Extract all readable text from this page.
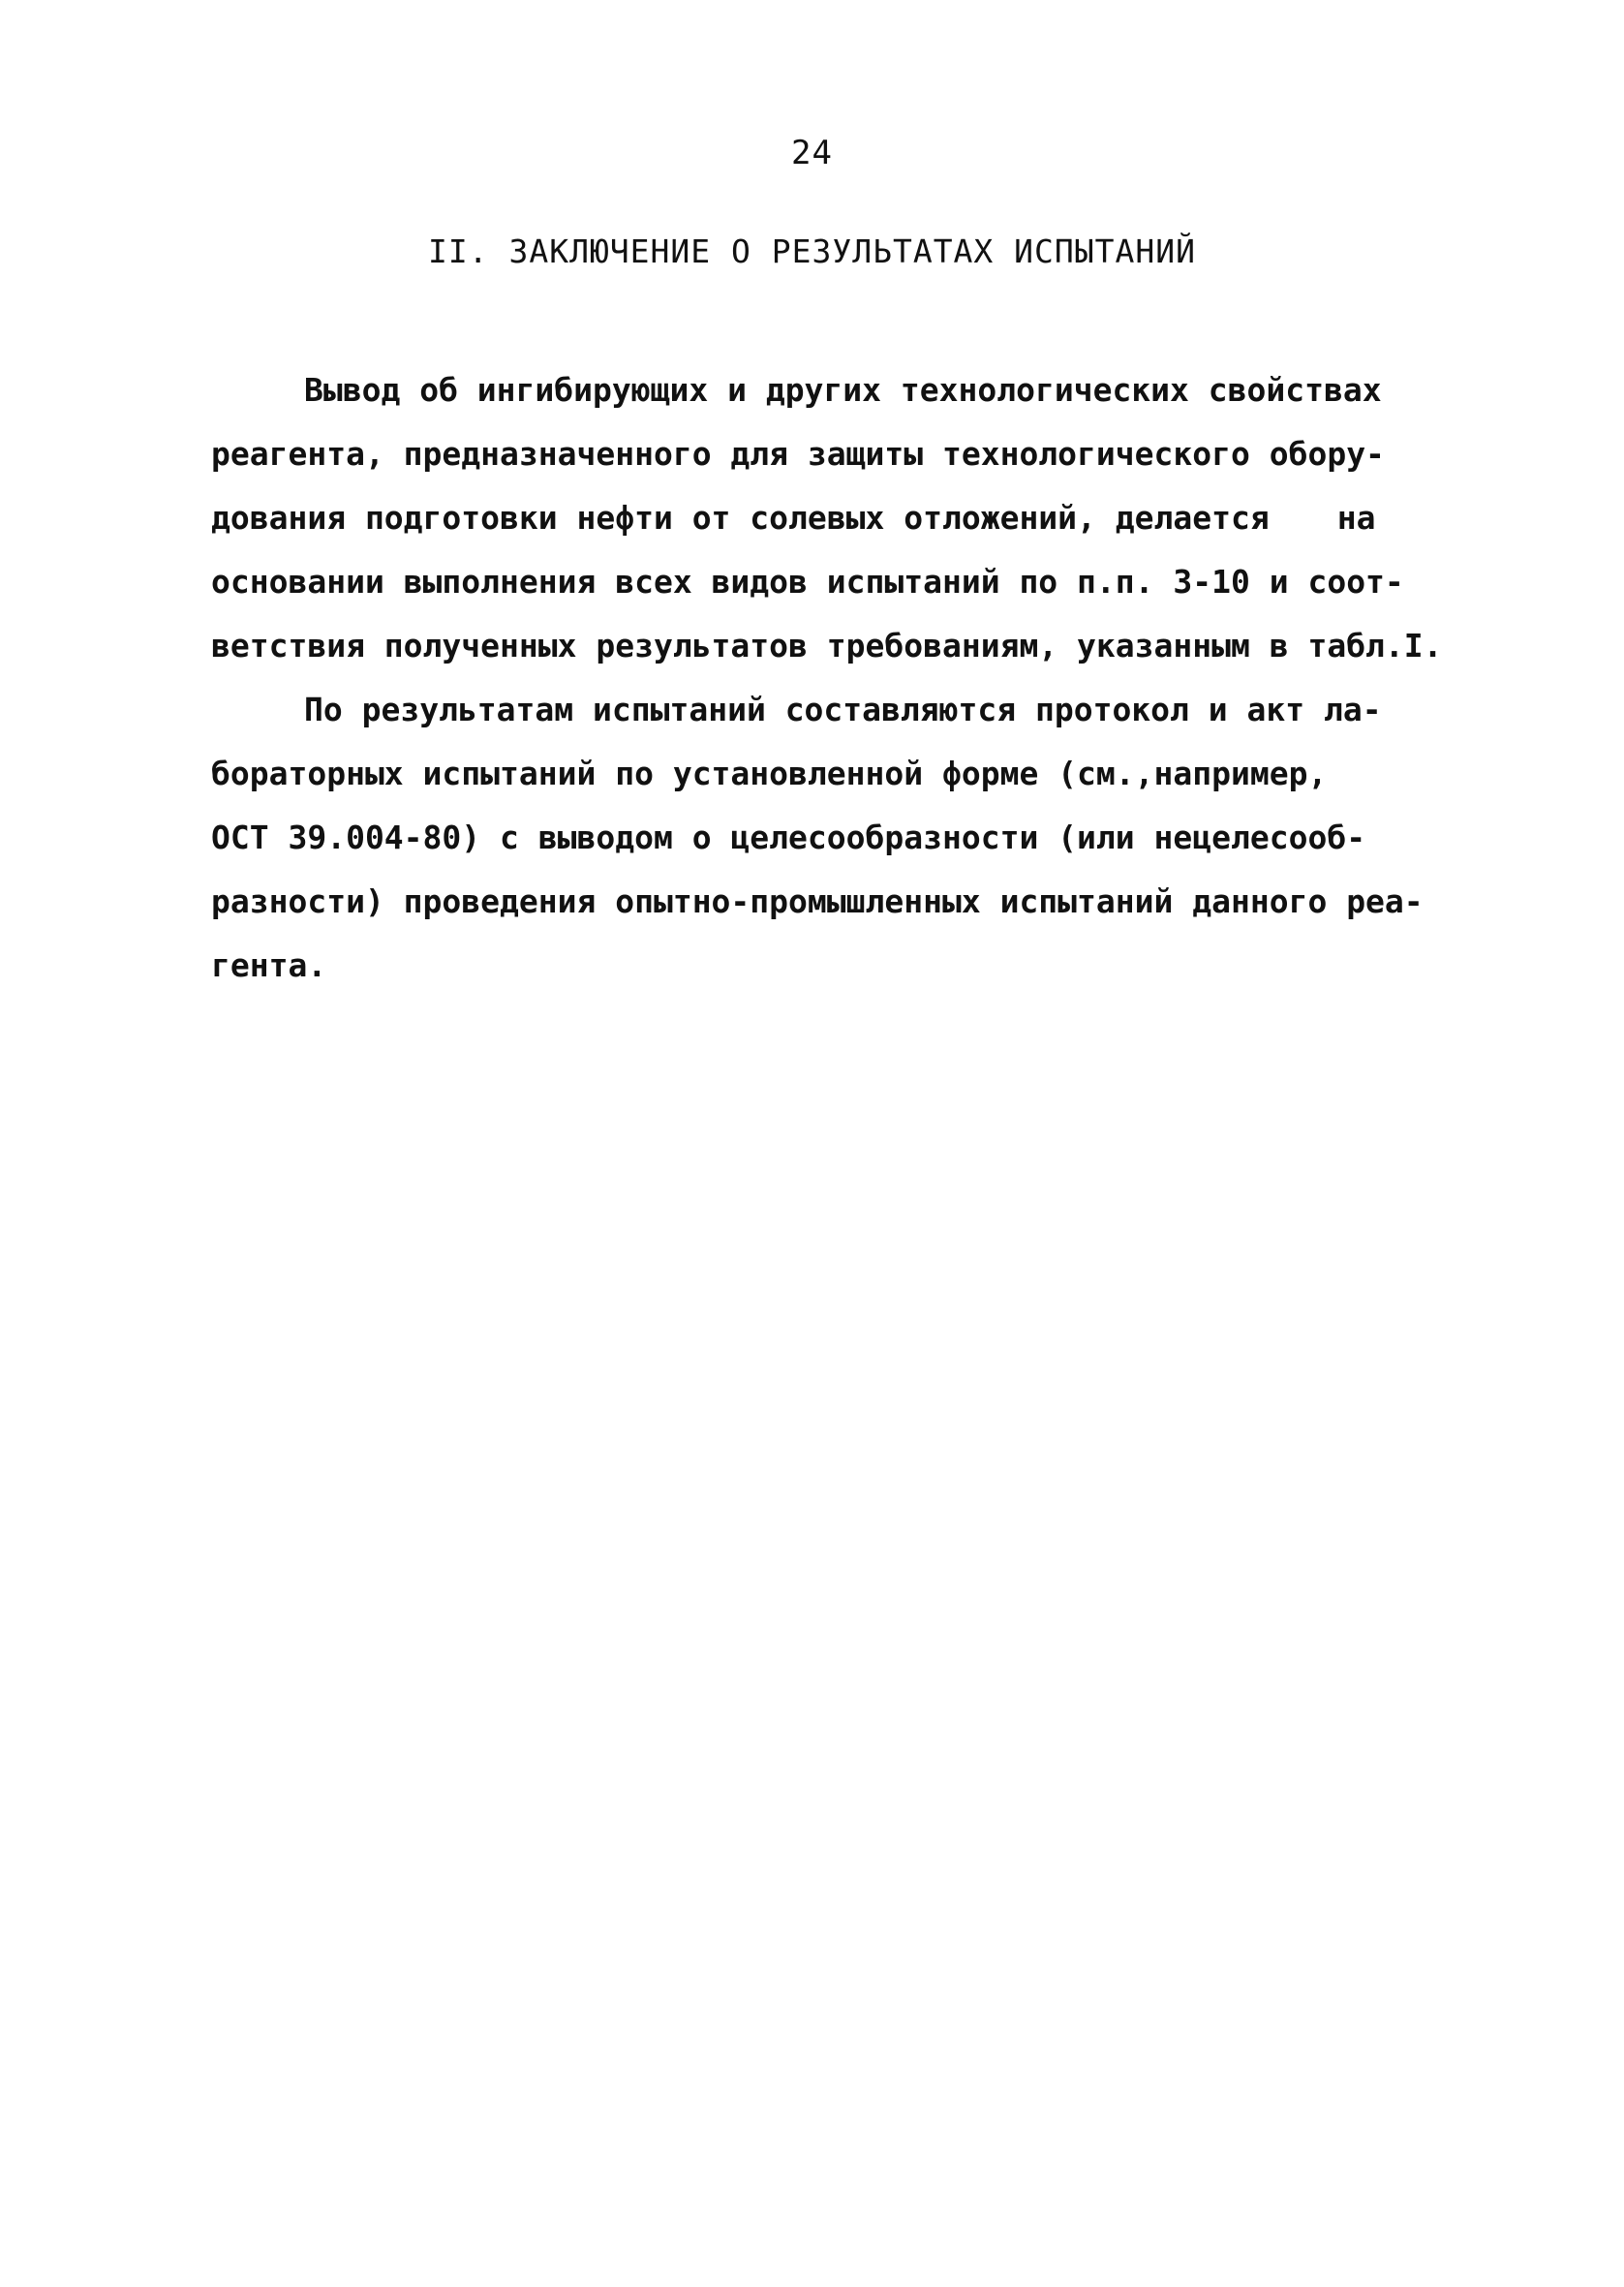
24
II. ЗАКЛЮЧЕНИЕ О РЕЗУЛЬТАТАХ ИСПЫТАНИЙ
Вывод об ингибирующих и других технологических свойствах
реагента, предназначенного для защиты технологического обору-
дования подготовки нефти от солевых отложений, делается на
основании выполнения всех видов испытаний по п.п. 3-10 и соот-
ветствия полученных результатов требованиям, указанным в табл.I.
По результатам испытаний составляются протокол и акт ла-
бораторных испытаний по установленной форме (см.,например,
ОСТ 39.004-80) с выводом о целесообразности (или нецелесооб-
разности) проведения опытно-промышленных испытаний данного реа-
гента.
